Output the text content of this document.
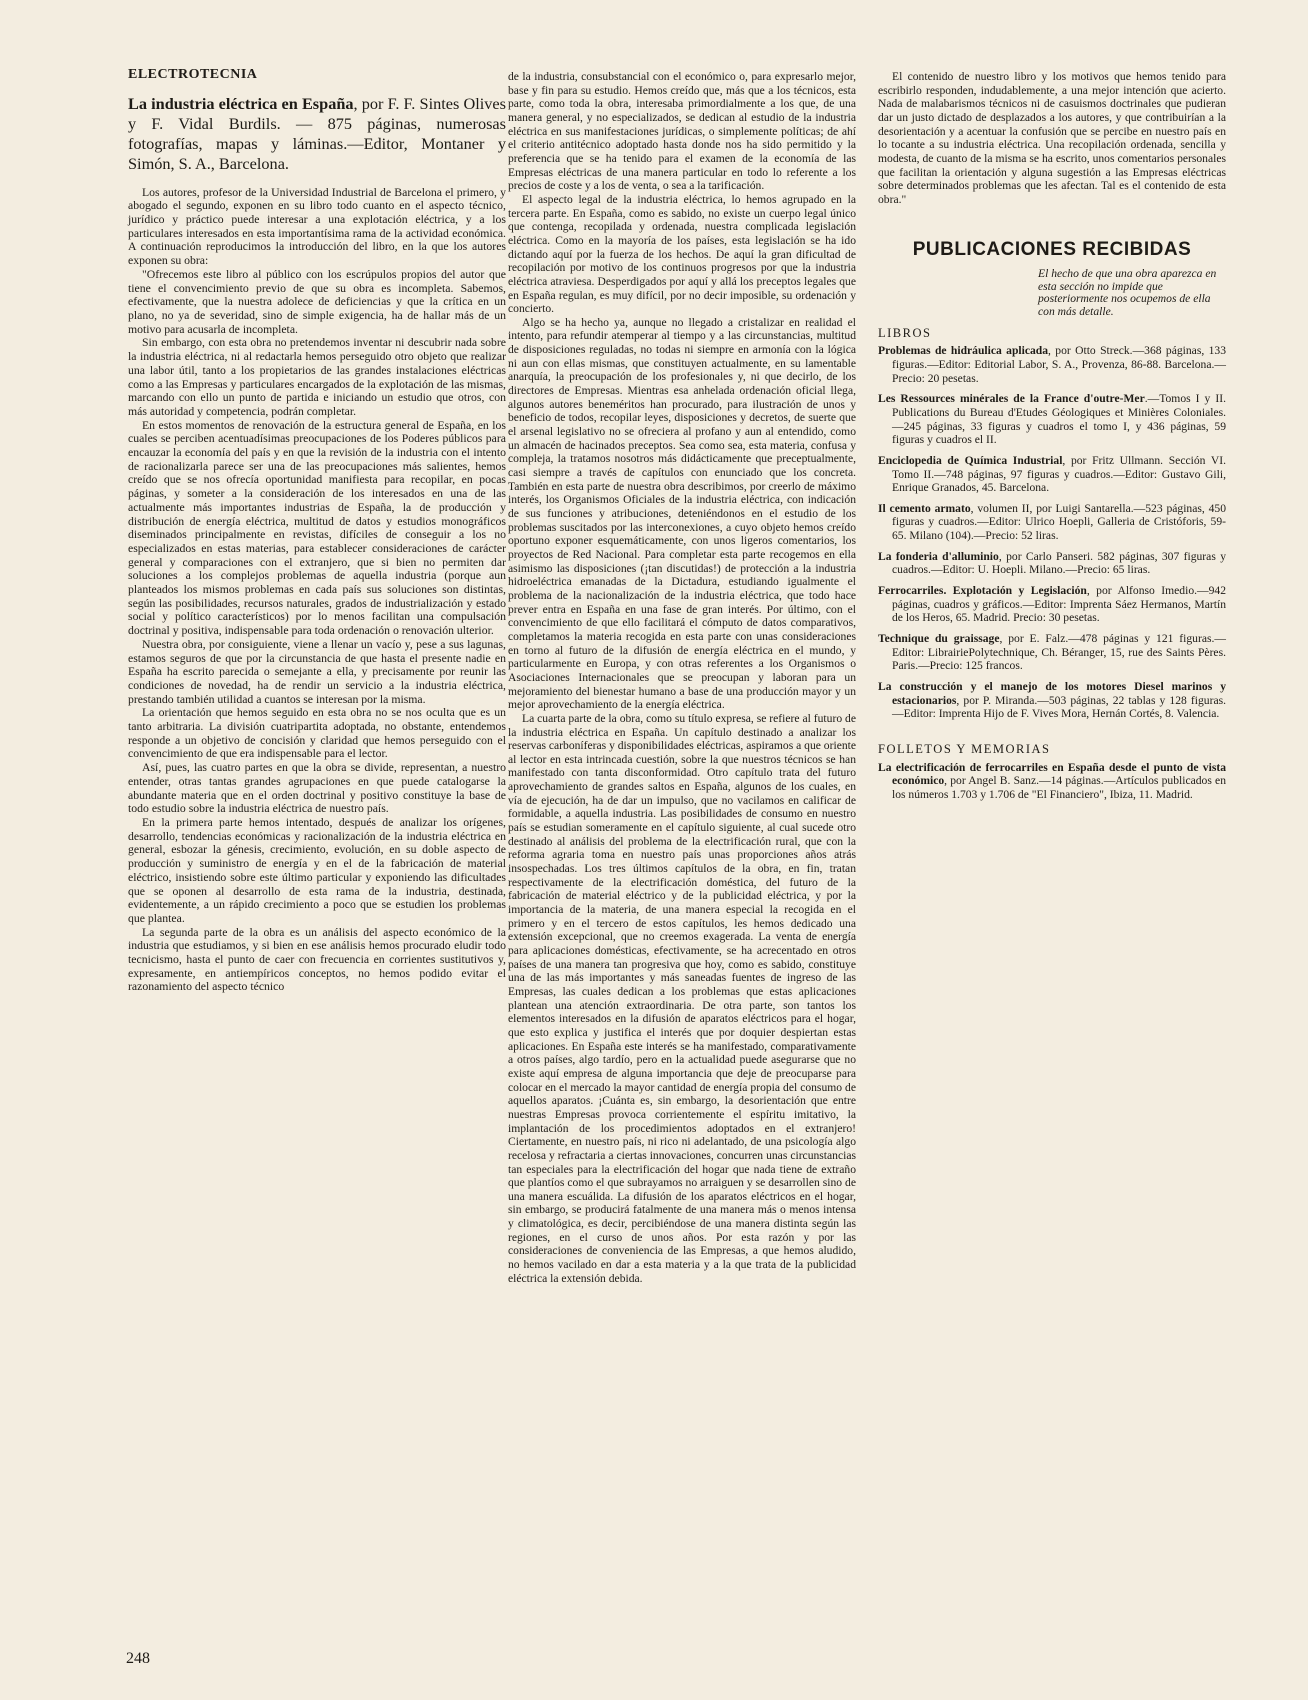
ELECTROTECNIA
La industria eléctrica en España, por F. F. Sintes Olives y F. Vidal Burdils. — 875 páginas, numerosas fotografías, mapas y láminas.—Editor, Montaner y Simón, S. A., Barcelona.

Los autores, profesor de la Universidad Industrial de Barcelona el primero, y abogado el segundo, exponen en su libro todo cuanto en el aspecto técnico, jurídico y práctico puede interesar a una explotación eléctrica, y a los particulares interesados en esta importantísima rama de la actividad económica. A continuación reproducimos la introducción del libro, en la que los autores exponen su obra:

"Ofrecemos este libro al público con los escrúpulos propios del autor que tiene el convencimiento previo de que su obra es incompleta. Sabemos, efectivamente, que la nuestra adolece de deficiencias y que la crítica en un plano, no ya de severidad, sino de simple exigencia, ha de hallar más de un motivo para acusarla de incompleta.

Sin embargo, con esta obra no pretendemos inventar ni descubrir nada sobre la industria eléctrica, ni al redactarla hemos perseguido otro objeto que realizar una labor útil, tanto a los propietarios de las grandes instalaciones eléctricas como a las Empresas y particulares encargados de la explotación de las mismas, marcando con ello un punto de partida e iniciando un estudio que otros, con más autoridad y competencia, podrán completar.

En estos momentos de renovación de la estructura general de España, en los cuales se perciben acentuadísimas preocupaciones de los Poderes públicos para encauzar la economía del país y en que la revisión de la industria con el intento de racionalizarla parece ser una de las preocupaciones más salientes, hemos creído que se nos ofrecía oportunidad manifiesta para recopilar, en pocas páginas, y someter a la consideración de los interesados en una de las actualmente más importantes industrias de España, la de producción y distribución de energía eléctrica, multitud de datos y estudios monográficos diseminados principalmente en revistas, difíciles de conseguir a los no especializados en estas materias, para establecer consideraciones de carácter general y comparaciones con el extranjero, que si bien no permiten dar soluciones a los complejos problemas de aquella industria (porque aun planteados los mismos problemas en cada país sus soluciones son distintas, según las posibilidades, recursos naturales, grados de industrialización y estado social y político característicos) por lo menos facilitan una compulsación doctrinal y positiva, indispensable para toda ordenación o renovación ulterior.

Nuestra obra, por consiguiente, viene a llenar un vacío y, pese a sus lagunas, estamos seguros de que por la circunstancia de que hasta el presente nadie en España ha escrito parecida o semejante a ella, y precisamente por reunir las condiciones de novedad, ha de rendir un servicio a la industria eléctrica, prestando también utilidad a cuantos se interesan por la misma.

La orientación que hemos seguido en esta obra no se nos oculta que es un tanto arbitraria. La división cuatripartita adoptada, no obstante, entendemos responde a un objetivo de concisión y claridad que hemos perseguido con el convencimiento de que era indispensable para el lector.

Así, pues, las cuatro partes en que la obra se divide, representan, a nuestro entender, otras tantas grandes agrupaciones en que puede catalogarse la abundante materia que en el orden doctrinal y positivo constituye la base de todo estudio sobre la industria eléctrica de nuestro país.

En la primera parte hemos intentado, después de analizar los orígenes, desarrollo, tendencias económicas y racionalización de la industria eléctrica en general, esbozar la génesis, crecimiento, evolución, en su doble aspecto de producción y suministro de energía y en el de la fabricación de material eléctrico, insistiendo sobre este último particular y exponiendo las dificultades que se oponen al desarrollo de esta rama de la industria, destinada, evidentemente, a un rápido crecimiento a poco que se estudien los problemas que plantea.

La segunda parte de la obra es un análisis del aspecto económico de la industria que estudiamos, y si bien en ese análisis hemos procurado eludir todo tecnicismo, hasta el punto de caer con frecuencia en corrientes sustitutivos y, expresamente, en antiempíricos conceptos, no hemos podido evitar el razonamiento del aspecto técnico

de la industria, consubstancial con el económico o, para expresarlo mejor, base y fin para su estudio. Hemos creído que, más que a los técnicos, esta parte, como toda la obra, interesaba primordialmente a los que, de una manera general, y no especializados, se dedican al estudio de la industria eléctrica en sus manifestaciones jurídicas, o simplemente políticas; de ahí el criterio antitécnico adoptado hasta donde nos ha sido permitido y la preferencia que se ha tenido para el examen de la economía de las Empresas eléctricas de una manera particular en todo lo referente a los precios de coste y a los de venta, o sea a la tarificación.

El aspecto legal de la industria eléctrica, lo hemos agrupado en la tercera parte. En España, como es sabido, no existe un cuerpo legal único que contenga, recopilada y ordenada, nuestra complicada legislación eléctrica. Como en la mayoría de los países, esta legislación se ha ido dictando aquí por la fuerza de los hechos. De aquí la gran dificultad de recopilación por motivo de los continuos progresos por que la industria eléctrica atraviesa. Desperdigados por aquí y allá los preceptos legales que en España regulan, es muy difícil, por no decir imposible, su ordenación y concierto.

Algo se ha hecho ya, aunque no llegado a cristalizar en realidad el intento, para refundir atemperar al tiempo y a las circunstancias, multitud de disposiciones reguladas, no todas ni siempre en armonía con la lógica ni aun con ellas mismas, que constituyen actualmente, en su lamentable anarquía, la preocupación de los profesionales y, ni que decirlo, de los directores de Empresas. Mientras esa anhelada ordenación oficial llega, algunos autores beneméritos han procurado, para ilustración de unos y beneficio de todos, recopilar leyes, disposiciones y decretos, de suerte que el arsenal legislativo no se ofreciera al profano y aun al entendido, como un almacén de hacinados preceptos. Sea como sea, esta materia, confusa y compleja, la tratamos nosotros más didácticamente que preceptualmente, casi siempre a través de capítulos con enunciado que los concreta. También en esta parte de nuestra obra describimos, por creerlo de máximo interés, los Organismos Oficiales de la industria eléctrica, con indicación de sus funciones y atribuciones, deteniéndonos en el estudio de los problemas suscitados por las interconexiones, a cuyo objeto hemos creído oportuno exponer esquemáticamente, con unos ligeros comentarios, los proyectos de Red Nacional. Para completar esta parte recogemos en ella asimismo las disposiciones (¡tan discutidas!) de protección a la industria hidroeléctrica emanadas de la Dictadura, estudiando igualmente el problema de la nacionalización de la industria eléctrica, que todo hace prever entra en España en una fase de gran interés. Por último, con el convencimiento de que ello facilitará el cómputo de datos comparativos, completamos la materia recogida en esta parte con unas consideraciones en torno al futuro de la difusión de energía eléctrica en el mundo, y particularmente en Europa, y con otras referentes a los Organismos o Asociaciones Internacionales que se preocupan y laboran para un mejoramiento del bienestar humano a base de una producción mayor y un mejor aprovechamiento de la energía eléctrica.

La cuarta parte de la obra, como su título expresa, se refiere al futuro de la industria eléctrica en España. Un capítulo destinado a analizar los reservas carboníferas y disponibilidades eléctricas, aspiramos a que oriente al lector en esta intrincada cuestión, sobre la que nuestros técnicos se han manifestado con tanta disconformidad. Otro capítulo trata del futuro aprovechamiento de grandes saltos en España, algunos de los cuales, en vía de ejecución, ha de dar un impulso, que no vacilamos en calificar de formidable, a aquella industria. Las posibilidades de consumo en nuestro país se estudian someramente en el capítulo siguiente, al cual sucede otro destinado al análisis del problema de la electrificación rural, que con la reforma agraria toma en nuestro país unas proporciones años atrás insospechadas. Los tres últimos capítulos de la obra, en fin, tratan respectivamente de la electrificación doméstica, del futuro de la fabricación de material eléctrico y de la publicidad eléctrica, y por la importancia de la materia, de una manera especial la recogida en el primero y en el tercero de estos capítulos, les hemos dedicado una extensión excepcional, que no creemos exagerada. La venta de energía para aplicaciones domésticas, efectivamente, se ha acrecentado en otros países de una manera tan progresiva que hoy, como es sabido, constituye una de las más importantes y más saneadas fuentes de ingreso de las Empresas, las cuales dedican a los problemas que estas aplicaciones plantean una atención extraordinaria. De otra parte, son tantos los elementos interesados en la difusión de aparatos eléctricos para el hogar, que esto explica y justifica el interés que por doquier despiertan estas aplicaciones. En España este interés se ha manifestado, comparativamente a otros países, algo tardío, pero en la actualidad puede asegurarse que no existe aquí empresa de alguna importancia que deje de preocuparse para colocar en el mercado la mayor cantidad de energía propia del consumo de aquellos aparatos. ¡Cuánta es, sin embargo, la desorientación que entre nuestras Empresas provoca corrientemente el espíritu imitativo, la implantación de los procedimientos adoptados en el extranjero! Ciertamente, en nuestro país, ni rico ni adelantado, de una psicología algo recelosa y refractaria a ciertas innovaciones, concurren unas circunstancias tan especiales para la electrificación del hogar que nada tiene de extraño que plantíos como el que subrayamos no arraiguen y se desarrollen sino de una manera escuálida. La difusión de los aparatos eléctricos en el hogar, sin embargo, se producirá fatalmente de una manera más o menos intensa y climatológica, es decir, percibiéndose de una manera distinta según las regiones, en el curso de unos años. Por esta razón y por las consideraciones de conveniencia de las Empresas, a que hemos aludido, no hemos vacilado en dar a esta materia y a la que trata de la publicidad eléctrica la extensión debida.

El contenido de nuestro libro y los motivos que hemos tenido para escribirlo responden, indudablemente, a una mejor intención que acierto. Nada de malabarismos técnicos ni de casuismos doctrinales que pudieran dar un justo dictado de desplazados a los autores, y que contribuirían a la desorientación y a acentuar la confusión que se percibe en nuestro país en lo tocante a su industria eléctrica. Una recopilación ordenada, sencilla y modesta, de cuanto de la misma se ha escrito, unos comentarios personales que facilitan la orientación y alguna sugestión a las Empresas eléctricas sobre determinados problemas que les afectan. Tal es el contenido de esta obra."

PUBLICACIONES RECIBIDAS
El hecho de que una obra aparezca en esta sección no impide que posteriormente nos ocupemos de ella con más detalle.
LIBROS
Problemas de hidráulica aplicada, por Otto Streck.—368 páginas, 133 figuras.—Editor: Editorial Labor, S. A., Provenza, 86-88. Barcelona.—Precio: 20 pesetas.
Les Ressources minérales de la France d'outre-Mer.—Tomos I y II. Publications du Bureau d'Etudes Géologiques et Minières Coloniales.—245 páginas, 33 figuras y cuadros el tomo I, y 436 páginas, 59 figuras y cuadros el II.
Enciclopedia de Química Industrial, por Fritz Ullmann. Sección VI. Tomo II.—748 páginas, 97 figuras y cuadros.—Editor: Gustavo Gili, Enrique Granados, 45. Barcelona.
Il cemento armato, volumen II, por Luigi Santarella.—523 páginas, 450 figuras y cuadros.—Editor: Ulrico Hoepli, Galleria de Cristóforis, 59-65. Milano (104).—Precio: 52 liras.
La fonderia d'alluminio, por Carlo Panseri. 582 páginas, 307 figuras y cuadros.—Editor: U. Hoepli. Milano.—Precio: 65 liras.
Ferrocarriles. Explotación y Legislación, por Alfonso Imedio.—942 páginas, cuadros y gráficos.—Editor: Imprenta Sáez Hermanos, Martín de los Heros, 65. Madrid. Precio: 30 pesetas.
Technique du graissage, por E. Falz.—478 páginas y 121 figuras.—Editor: LibrairiePolytechnique, Ch. Béranger, 15, rue des Saints Pères. Paris.—Precio: 125 francos.
La construcción y el manejo de los motores Diesel marinos y estacionarios, por P. Miranda.—503 páginas, 22 tablas y 128 figuras.—Editor: Imprenta Hijo de F. Vives Mora, Hernán Cortés, 8. Valencia.
FOLLETOS Y MEMORIAS
La electrificación de ferrocarriles en España desde el punto de vista económico, por Angel B. Sanz.—14 páginas.—Artículos publicados en los números 1.703 y 1.706 de "El Financiero", Ibiza, 11. Madrid.
248
